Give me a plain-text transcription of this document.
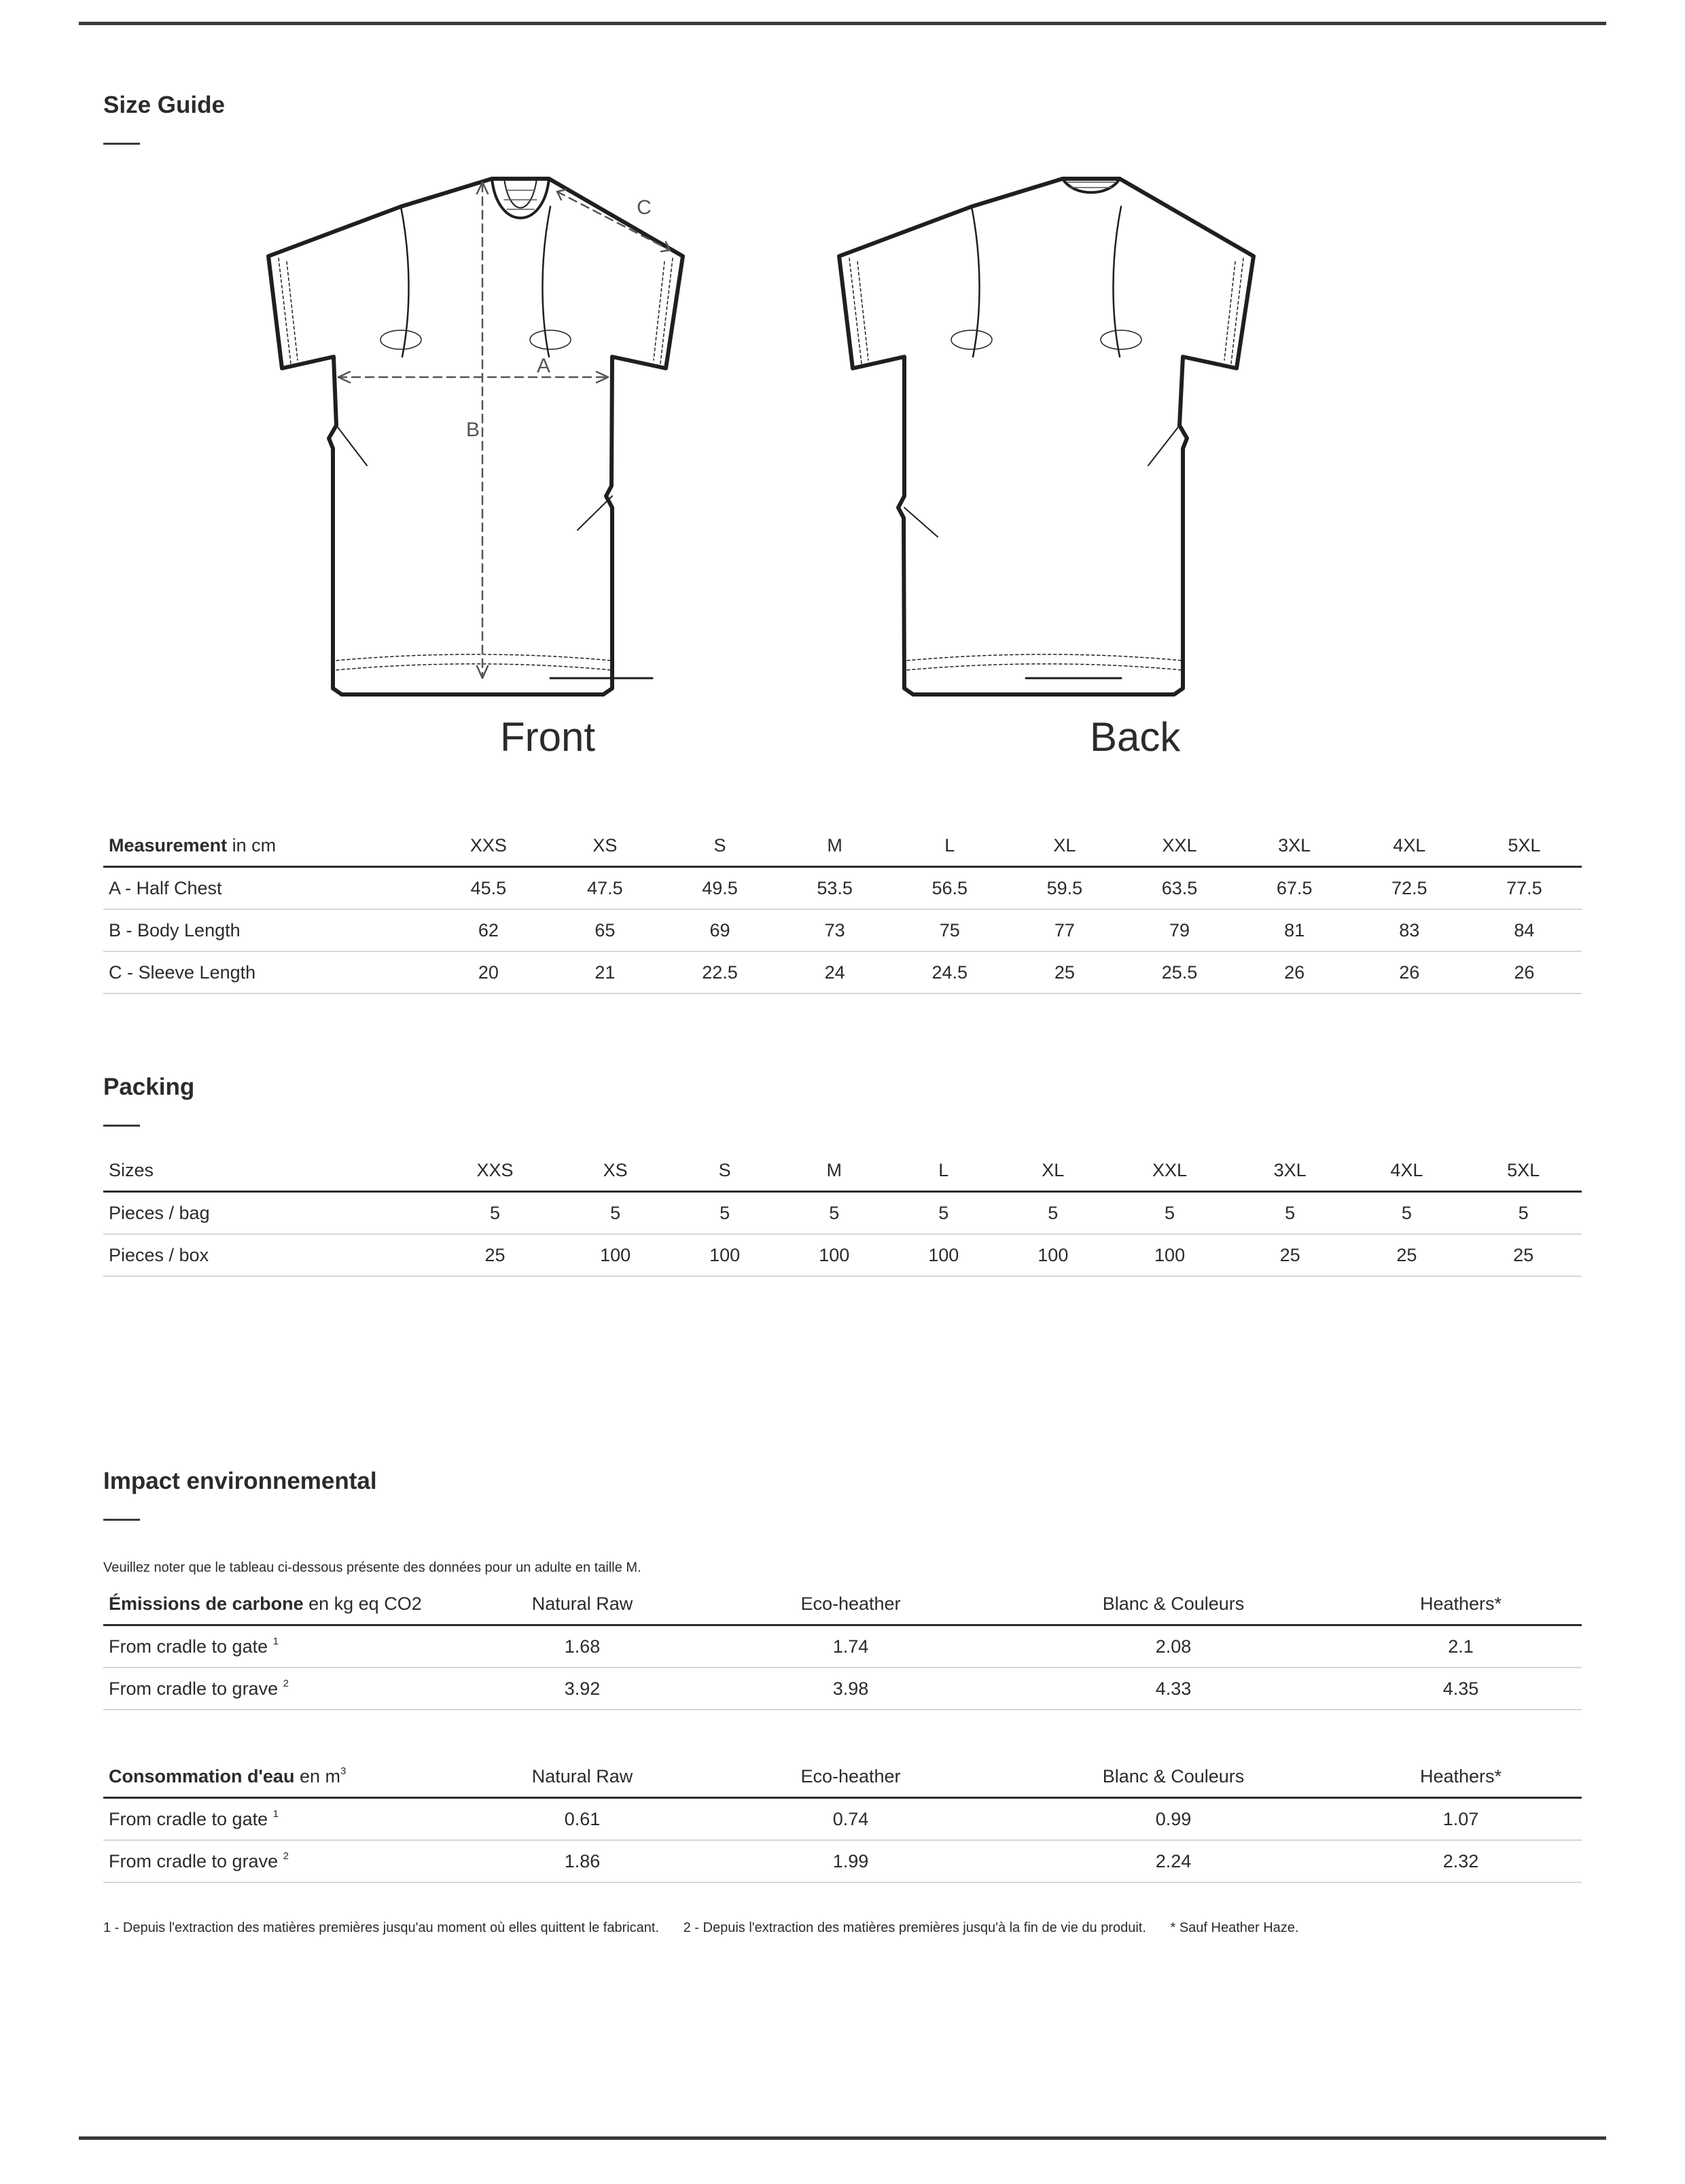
Size Guide
A
B
C
Front	Back
Measurement in cm	XXS	XS	S	M	L	XL	XXL	3XL	4XL	5XL
A - Half Chest	45.5	47.5	49.5	53.5	56.5	59.5	63.5	67.5	72.5	77.5
B - Body Length	62	65	69	73	75	77	79	81	83	84
C - Sleeve Length	20	21	22.5	24	24.5	25	25.5	26	26	26
Packing
Sizes	XXS	XS	S	M	L	XL	XXL	3XL	4XL	5XL
Pieces / bag	5	5	5	5	5	5	5	5	5	5
Pieces / box	25	100	100	100	100	100	100	25	25	25
Impact environnemental
Veuillez noter que le tableau ci-dessous présente des données pour un adulte en taille M.
Émissions de carbone en kg eq CO2	Natural Raw	Eco-heather	Blanc & Couleurs	Heathers*
From cradle to gate $^1$	1.68	1.74	2.08	2.1
From cradle to grave $^2$	3.92	3.98	4.33	4.35
Consommation d'eau en $m^3$	Natural Raw	Eco-heather	Blanc & Couleurs	Heathers*
From cradle to gate $^1$	0.61	0.74	0.99	1.07
From cradle to grave $^2$	1.86	1.99	2.24	2.32
1 - Depuis l'extraction des matières premières jusqu'au moment où elles quittent le fabricant. 2 - Depuis l'extraction des matières premières jusqu'à la fin de vie du produit. * Sauf Heather Haze.
